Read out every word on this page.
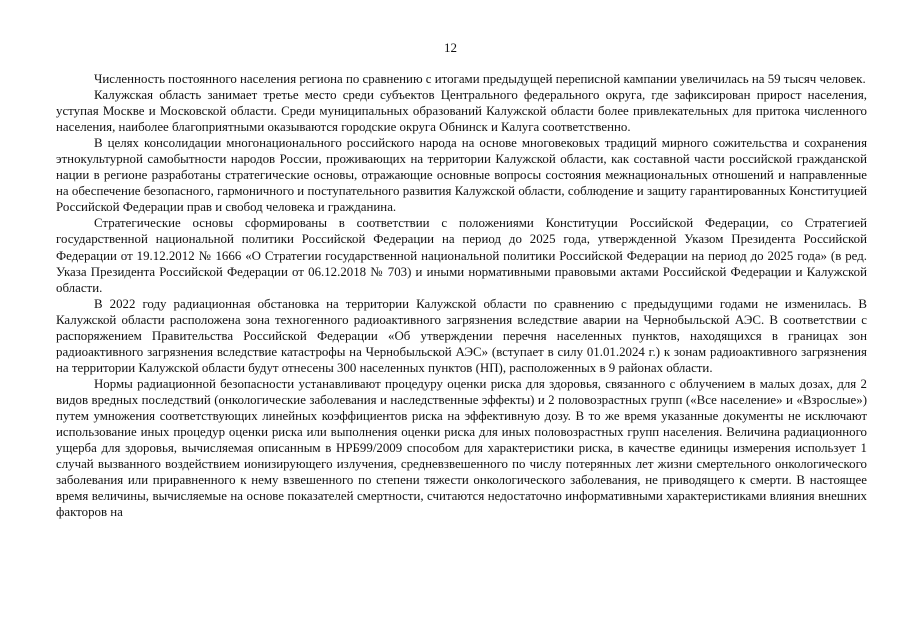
12

Численность постоянного населения региона по сравнению с итогами предыдущей переписной кампании увеличилась на 59 тысяч человек.

Калужская область занимает третье место среди субъектов Центрального федерального округа, где зафиксирован прирост населения, уступая Москве и Московской области. Среди муниципальных образований Калужской области более привлекательных для притока численного населения, наиболее благоприятными оказываются городские округа Обнинск и Калуга соответственно.

В целях консолидации многонационального российского народа на основе многовековых традиций мирного сожительства и сохранения этнокультурной самобытности народов России, проживающих на территории Калужской области, как составной части российской гражданской нации в регионе разработаны стратегические основы, отражающие основные вопросы состояния межнациональных отношений и направленные на обеспечение безопасного, гармоничного и поступательного развития Калужской области, соблюдение и защиту гарантированных Конституцией Российской Федерации прав и свобод человека и гражданина.

Стратегические основы сформированы в соответствии с положениями Конституции Российской Федерации, со Стратегией государственной национальной политики Российской Федерации на период до 2025 года, утвержденной Указом Президента Российской Федерации от 19.12.2012 № 1666 «О Стратегии государственной национальной политики Российской Федерации на период до 2025 года» (в ред. Указа Президента Российской Федерации от 06.12.2018 № 703) и иными нормативными правовыми актами Российской Федерации и Калужской области.

В 2022 году радиационная обстановка на территории Калужской области по сравнению с предыдущими годами не изменилась. В Калужской области расположена зона техногенного радиоактивного загрязнения вследствие аварии на Чернобыльской АЭС. В соответствии с распоряжением Правительства Российской Федерации «Об утверждении перечня населенных пунктов, находящихся в границах зон радиоактивного загрязнения вследствие катастрофы на Чернобыльской АЭС» (вступает в силу 01.01.2024 г.) к зонам радиоактивного загрязнения на территории Калужской области будут отнесены 300 населенных пунктов (НП), расположенных в 9 районах области.

Нормы радиационной безопасности устанавливают процедуру оценки риска для здоровья, связанного с облучением в малых дозах, для 2 видов вредных последствий (онкологические заболевания и наследственные эффекты) и 2 половозрастных групп («Все население» и «Взрослые») путем умножения соответствующих линейных коэффициентов риска на эффективную дозу. В то же время указанные документы не исключают использование иных процедур оценки риска или выполнения оценки риска для иных половозрастных групп населения. Величина радиационного ущерба для здоровья, вычисляемая описанным в НРБ99/2009 способом для характеристики риска, в качестве единицы измерения использует 1 случай вызванного воздействием ионизирующего излучения, средневзвешенного по числу потерянных лет жизни смертельного онкологического заболевания или приравненного к нему взвешенного по степени тяжести онкологического заболевания, не приводящего к смерти. В настоящее время величины, вычисляемые на основе показателей смертности, считаются недостаточно информативными характеристиками влияния внешних факторов на
